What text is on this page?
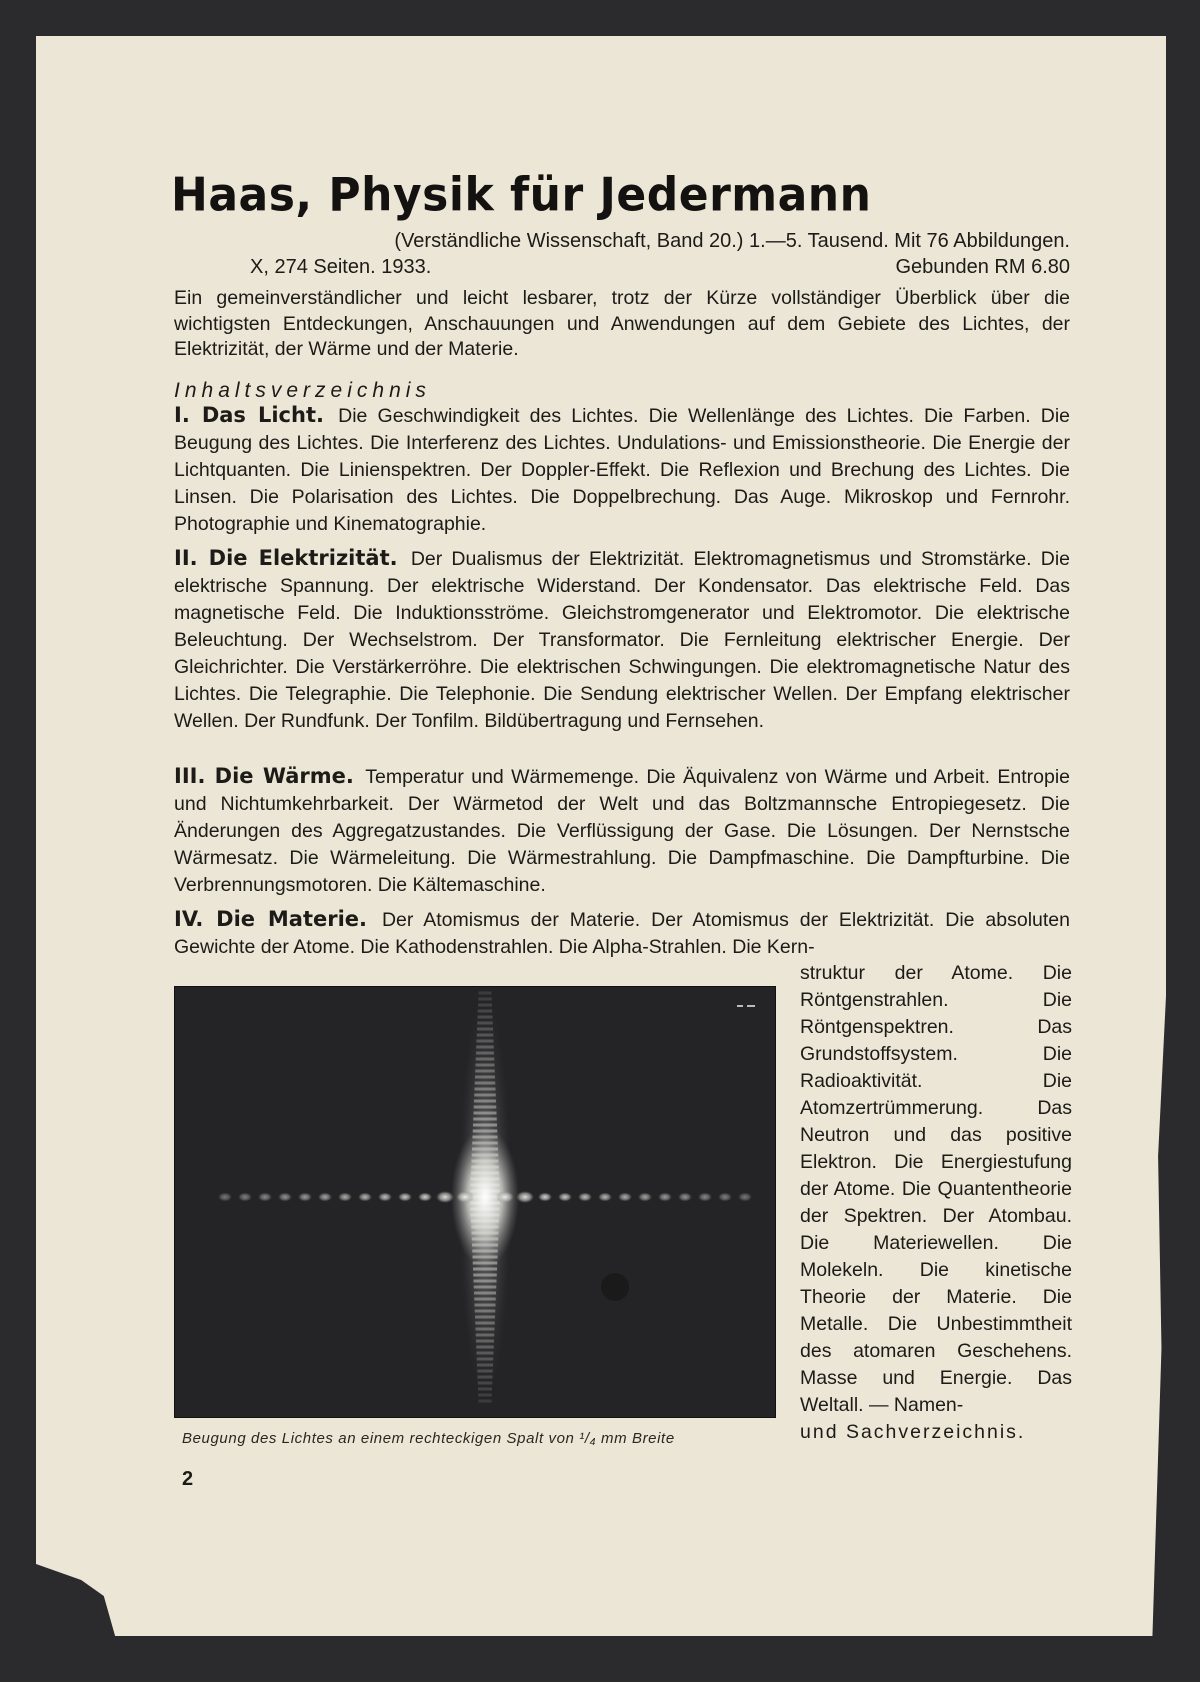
Haas, Physik für Jedermann
(Verständliche Wissenschaft, Band 20.) 1.—5. Tausend. Mit 76 Abbildungen.
X, 274 Seiten. 1933.	Gebunden RM 6.80

Ein gemeinverständlicher und leicht lesbarer, trotz der Kürze vollständiger Überblick über die wichtigsten Entdeckungen, Anschauungen und Anwendungen auf dem Gebiete des Lichtes, der Elektrizität, der Wärme und der Materie.

Inhaltsverzeichnis

I. Das Licht. Die Geschwindigkeit des Lichtes. Die Wellenlänge des Lichtes. Die Farben. Die Beugung des Lichtes. Die Interferenz des Lichtes. Undulations- und Emissionstheorie. Die Energie der Lichtquanten. Die Linienspektren. Der Doppler-Effekt. Die Reflexion und Brechung des Lichtes. Die Linsen. Die Polarisation des Lichtes. Die Doppelbrechung. Das Auge. Mikroskop und Fernrohr. Photographie und Kinematographie.

II. Die Elektrizität. Der Dualismus der Elektrizität. Elektromagnetismus und Stromstärke. Die elektrische Spannung. Der elektrische Widerstand. Der Kondensator. Das elektrische Feld. Das magnetische Feld. Die Induktionsströme. Gleichstromgenerator und Elektromotor. Die elektrische Beleuchtung. Der Wechselstrom. Der Transformator. Die Fernleitung elektrischer Energie. Der Gleichrichter. Die Verstärkerröhre. Die elektrischen Schwingungen. Die elektromagnetische Natur des Lichtes. Die Telegraphie. Die Telephonie. Die Sendung elektrischer Wellen. Der Empfang elektrischer Wellen. Der Rundfunk. Der Tonfilm. Bildübertragung und Fernsehen.

III. Die Wärme. Temperatur und Wärmemenge. Die Äquivalenz von Wärme und Arbeit. Entropie und Nichtumkehrbarkeit. Der Wärmetod der Welt und das Boltzmannsche Entropiegesetz. Die Änderungen des Aggregatzustandes. Die Verflüssigung der Gase. Die Lösungen. Der Nernstsche Wärmesatz. Die Wärmeleitung. Die Wärmestrahlung. Die Dampfmaschine. Die Dampfturbine. Die Verbrennungsmotoren. Die Kältemaschine.

IV. Die Materie. Der Atomismus der Materie. Der Atomismus der Elektrizität. Die absoluten Gewichte der Atome. Die Kathodenstrahlen. Die Alpha-Strahlen. Die Kern-

struktur der Atome. Die Röntgenstrahlen. Die Röntgenspektren. Das Grundstoffsystem. Die Radioaktivität. Die Atomzertrümmerung. Das Neutron und das positive Elektron. Die Energiestufung der Atome. Die Quantentheorie der Spektren. Der Atombau. Die Materiewellen. Die Molekeln. Die kinetische Theorie der Materie. Die Metalle. Die Unbestimmtheit des atomaren Geschehens. Masse und Energie. Das Weltall. — Namen-
und Sachverzeichnis.

Beugung des Lichtes an einem rechteckigen Spalt von ¹/₄ mm Breite

2
